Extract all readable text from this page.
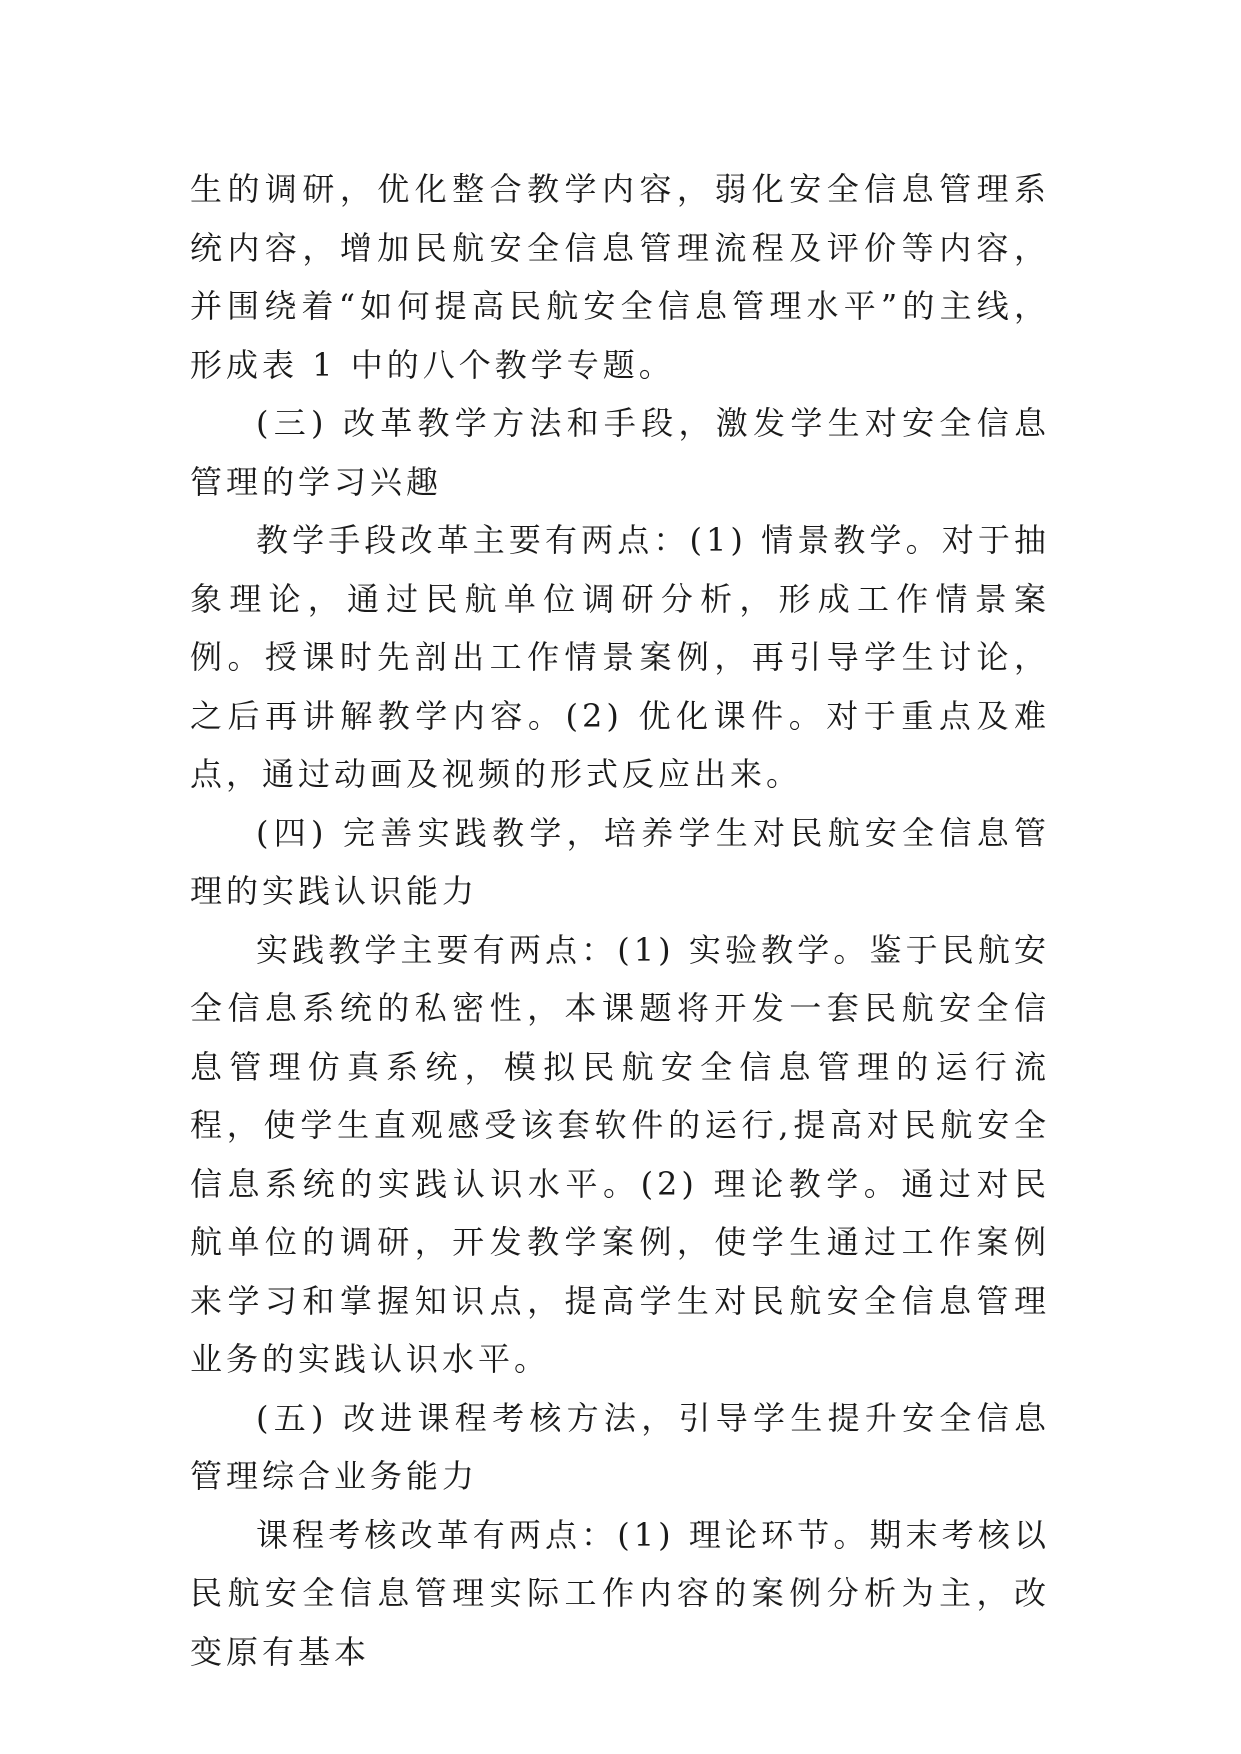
生的调研，优化整合教学内容，弱化安全信息管理系统内容，增加民航安全信息管理流程及评价等内容，并围绕着“如何提高民航安全信息管理水平”的主线，形成表 1 中的八个教学专题。

(三) 改革教学方法和手段，激发学生对安全信息管理的学习兴趣

教学手段改革主要有两点：(1) 情景教学。对于抽象理论，通过民航单位调研分析，形成工作情景案例。授课时先剖出工作情景案例，再引导学生讨论，之后再讲解教学内容。(2) 优化课件。对于重点及难点，通过动画及视频的形式反应出来。

(四) 完善实践教学，培养学生对民航安全信息管理的实践认识能力

实践教学主要有两点：(1) 实验教学。鉴于民航安全信息系统的私密性，本课题将开发一套民航安全信息管理仿真系统，模拟民航安全信息管理的运行流程，使学生直观感受该套软件的运行,提高对民航安全信息系统的实践认识水平。(2) 理论教学。通过对民航单位的调研，开发教学案例，使学生通过工作案例来学习和掌握知识点，提高学生对民航安全信息管理业务的实践认识水平。

(五) 改进课程考核方法，引导学生提升安全信息管理综合业务能力

课程考核改革有两点：(1) 理论环节。期末考核以民航安全信息管理实际工作内容的案例分析为主，改变原有基本
